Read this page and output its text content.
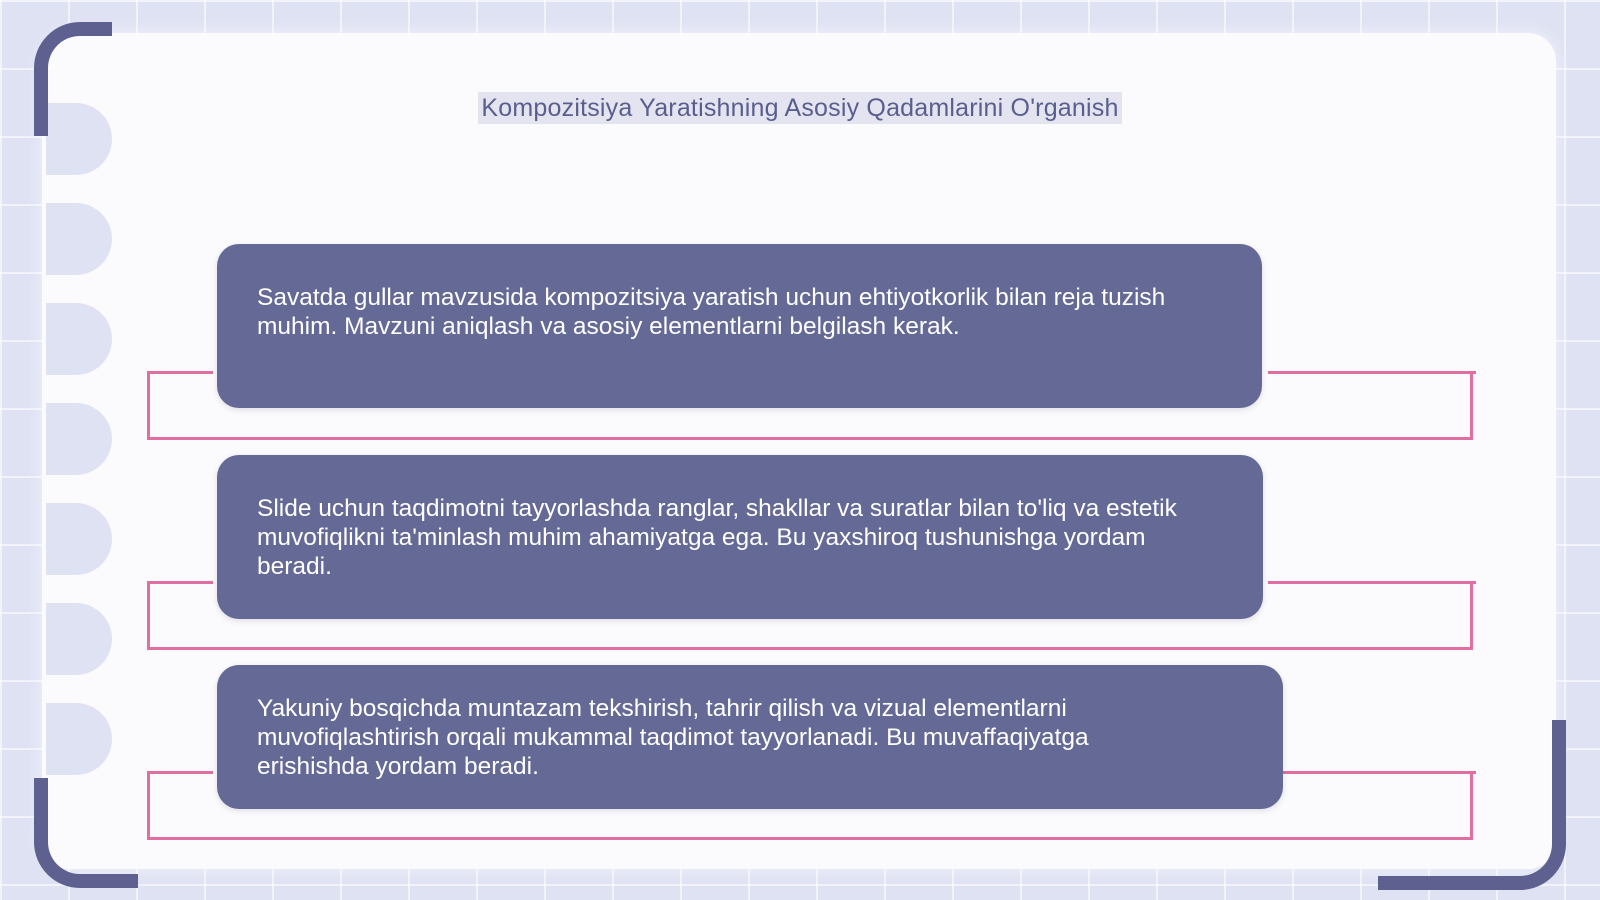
Kompozitsiya Yaratishning Asosiy Qadamlarini O'rganish

Savatda gullar mavzusida kompozitsiya yaratish uchun ehtiyotkorlik bilan reja tuzish muhim. Mavzuni aniqlash va asosiy elementlarni belgilash kerak.

Slide uchun taqdimotni tayyorlashda ranglar, shakllar va suratlar bilan to'liq va estetik muvofiqlikni ta'minlash muhim ahamiyatga ega. Bu yaxshiroq tushunishga yordam beradi.

Yakuniy bosqichda muntazam tekshirish, tahrir qilish va vizual elementlarni muvofiqlashtirish orqali mukammal taqdimot tayyorlanadi. Bu muvaffaqiyatga erishishda yordam beradi.
